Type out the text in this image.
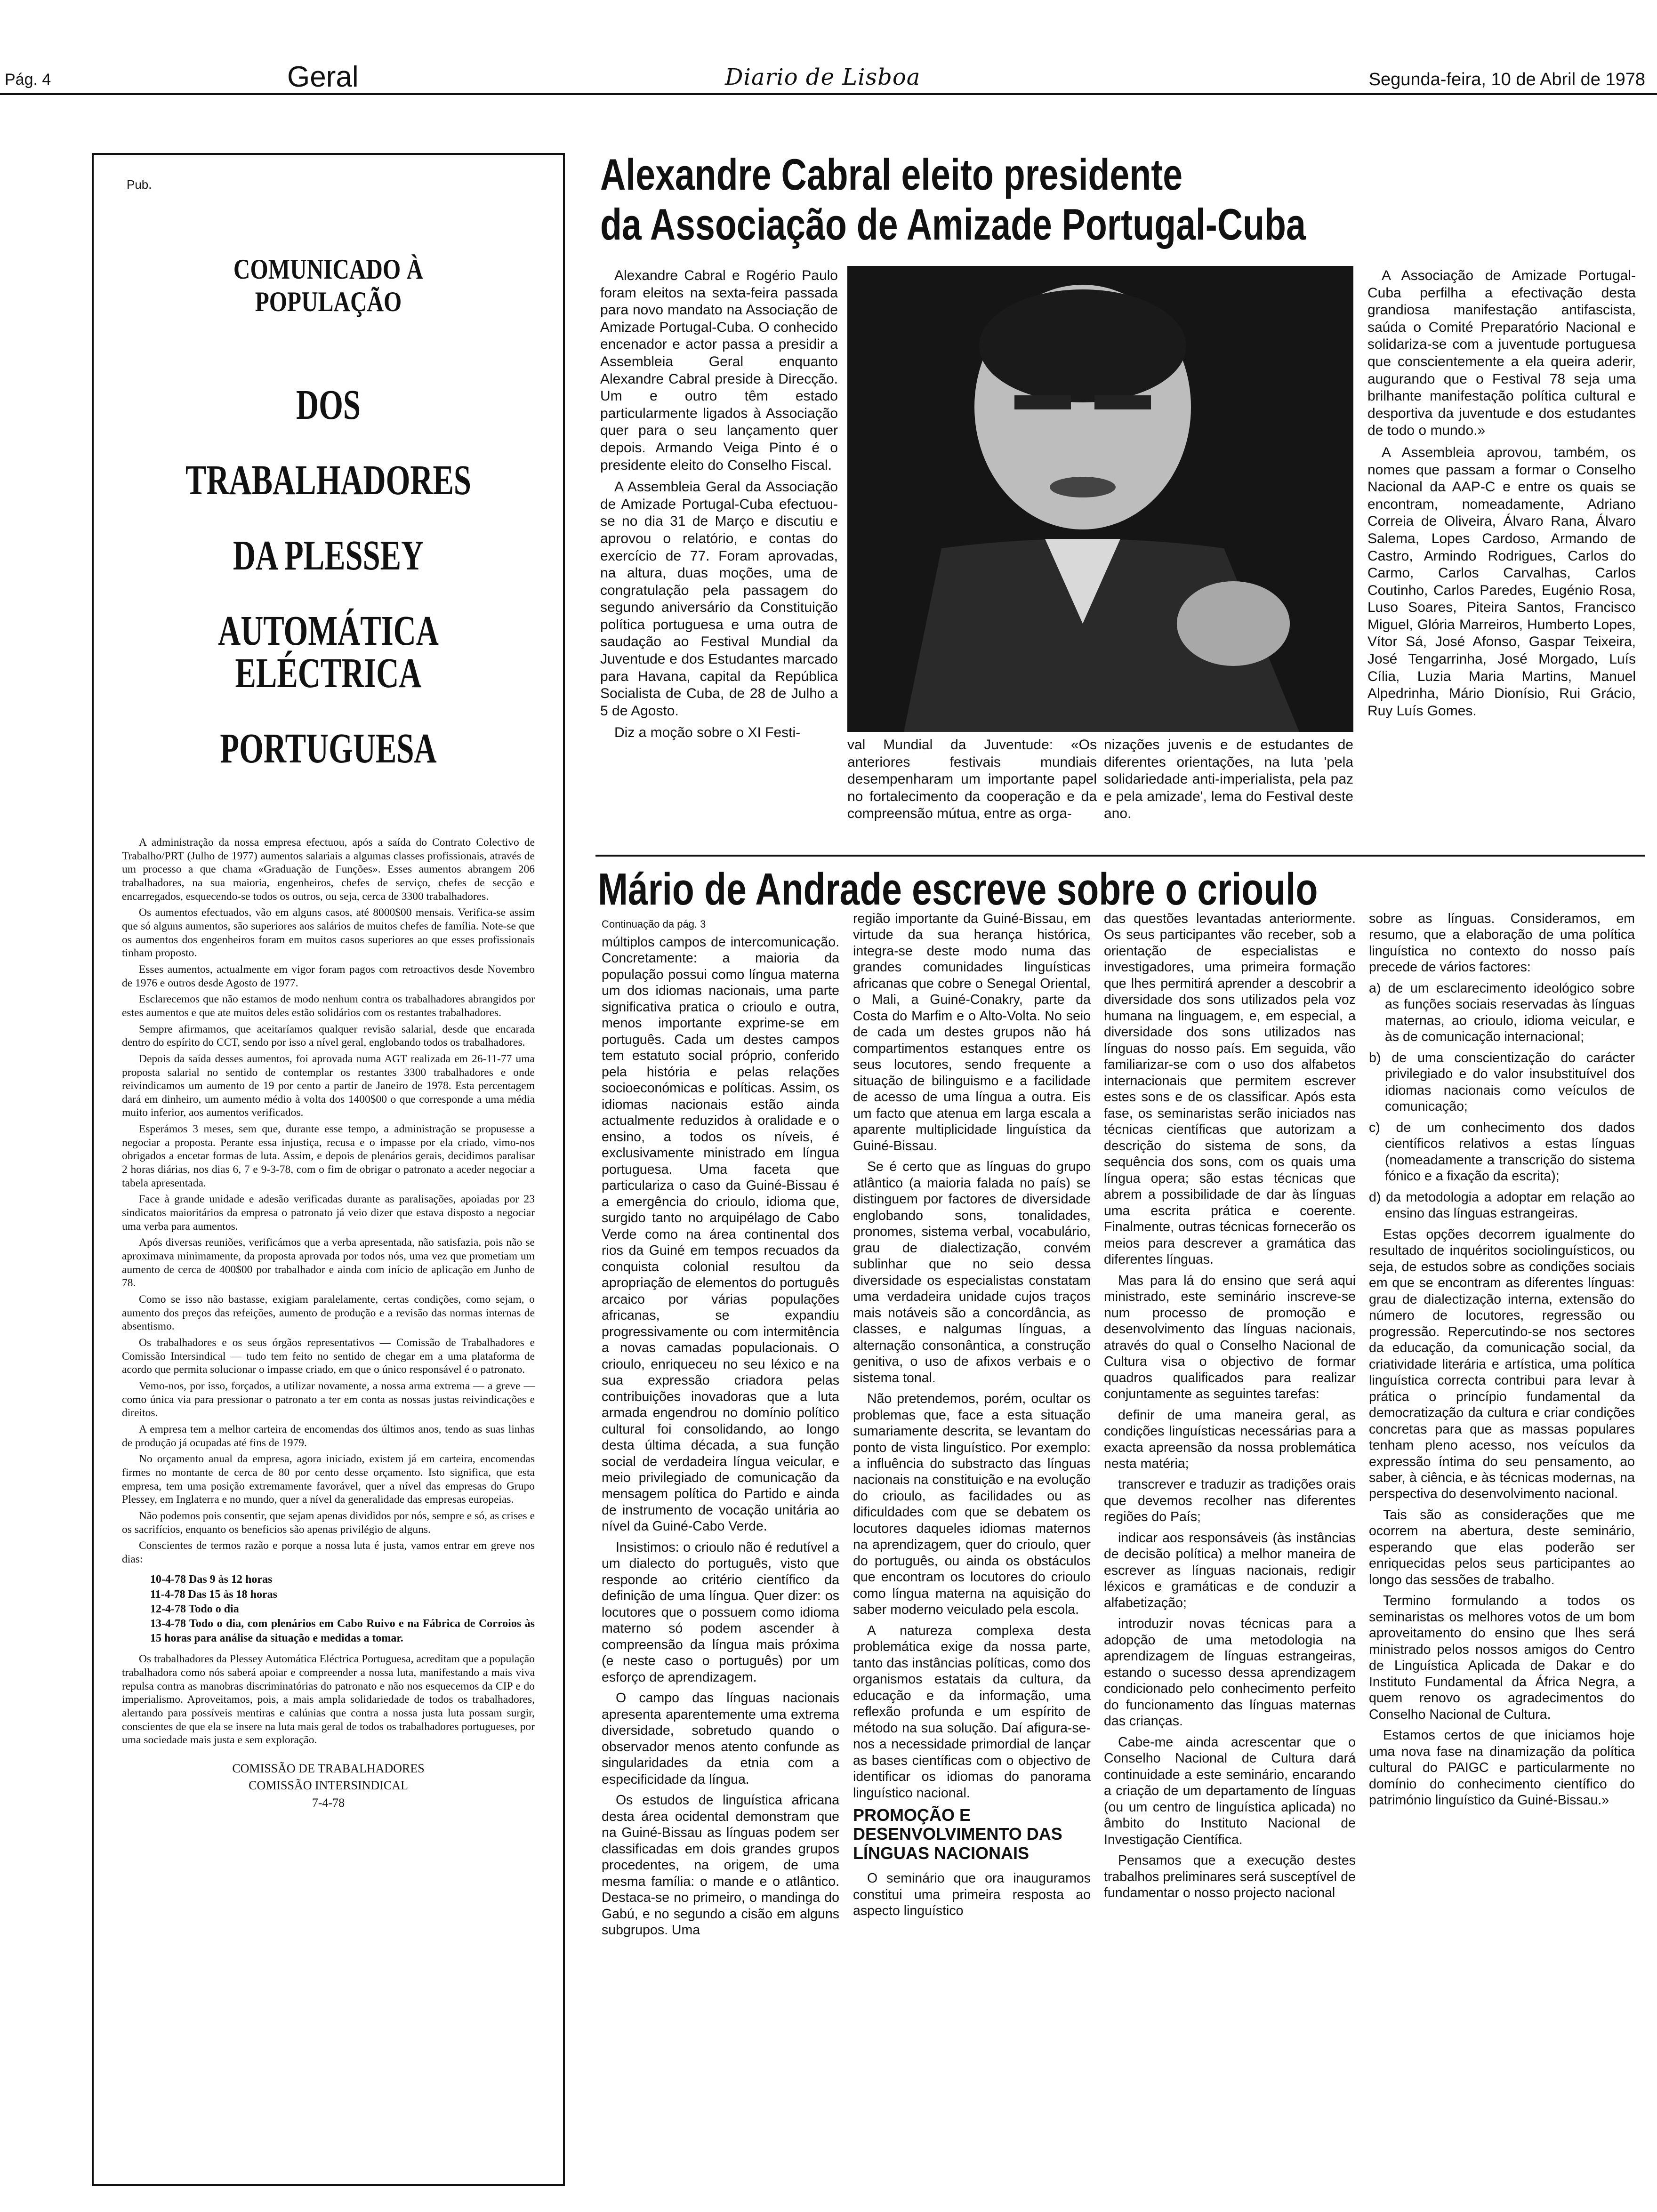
Pág. 4	Geral	Diario de Lisboa	Segunda-feira, 10 de Abril de 1978
Pub.
COMUNICADO À POPULAÇÃO
DOS
TRABALHADORES
DA PLESSEY
AUTOMÁTICA ELÉCTRICA
PORTUGUESA

A administração da nossa empresa efectuou, após a saída do Contrato Colectivo de Trabalho/PRT (Julho de 1977) aumentos salariais a algumas classes profissionais, através de um processo a que chama «Graduação de Funções». Esses aumentos abrangem 206 trabalhadores, na sua maioria, engenheiros, chefes de serviço, chefes de secção e encarregados, esquecendo-se todos os outros, ou seja, cerca de 3300 trabalhadores.

Os aumentos efectuados, vão em alguns casos, até 8000$00 mensais. Verifica-se assim que só alguns aumentos, são superiores aos salários de muitos chefes de família. Note-se que os aumentos dos engenheiros foram em muitos casos superiores ao que esses profissionais tinham proposto.

Esses aumentos, actualmente em vigor foram pagos com retroactivos desde Novembro de 1976 e outros desde Agosto de 1977.

Esclarecemos que não estamos de modo nenhum contra os trabalhadores abrangidos por estes aumentos e que ate muitos deles estão solidários com os restantes trabalhadores.

Sempre afirmamos, que aceitaríamos qualquer revisão salarial, desde que encarada dentro do espírito do CCT, sendo por isso a nível geral, englobando todos os trabalhadores.

Depois da saída desses aumentos, foi aprovada numa AGT realizada em 26-11-77 uma proposta salarial no sentido de contemplar os restantes 3300 trabalhadores e onde reivindicamos um aumento de 19 por cento a partir de Janeiro de 1978. Esta percentagem dará em dinheiro, um aumento médio à volta dos 1400$00 o que corresponde a uma média muito inferior, aos aumentos verificados.

Esperámos 3 meses, sem que, durante esse tempo, a administração se propusesse a negociar a proposta. Perante essa injustiça, recusa e o impasse por ela criado, vimo-nos obrigados a encetar formas de luta. Assim, e depois de plenários gerais, decidimos paralisar 2 horas diárias, nos dias 6, 7 e 9-3-78, com o fim de obrigar o patronato a aceder negociar a tabela apresentada.

Face à grande unidade e adesão verificadas durante as paralisações, apoiadas por 23 sindicatos maioritários da empresa o patronato já veio dizer que estava disposto a negociar uma verba para aumentos.

Após diversas reuniões, verificámos que a verba apresentada, não satisfazia, pois não se aproximava minimamente, da proposta aprovada por todos nós, uma vez que prometiam um aumento de cerca de 400$00 por trabalhador e ainda com início de aplicação em Junho de 78.

Como se isso não bastasse, exigiam paralelamente, certas condições, como sejam, o aumento dos preços das refeições, aumento de produção e a revisão das normas internas de absentismo.

Os trabalhadores e os seus órgãos representativos — Comissão de Trabalhadores e Comissão Intersindical — tudo tem feito no sentido de chegar em a uma plataforma de acordo que permita solucionar o impasse criado, em que o único responsável é o patronato.

Vemo-nos, por isso, forçados, a utilizar novamente, a nossa arma extrema — a greve — como única via para pressionar o patronato a ter em conta as nossas justas reivindicações e direitos.

A empresa tem a melhor carteira de encomendas dos últimos anos, tendo as suas linhas de produção já ocupadas até fins de 1979.

No orçamento anual da empresa, agora iniciado, existem já em carteira, encomendas firmes no montante de cerca de 80 por cento desse orçamento. Isto significa, que esta empresa, tem uma posição extremamente favorável, quer a nível das empresas do Grupo Plessey, em Inglaterra e no mundo, quer a nível da generalidade das empresas europeias.

Não podemos pois consentir, que sejam apenas divididos por nós, sempre e só, as crises e os sacrifícios, enquanto os beneficios são apenas privilégio de alguns.

Conscientes de termos razão e porque a nossa luta é justa, vamos entrar em greve nos dias:

10-4-78 Das 9 às 12 horas
11-4-78 Das 15 às 18 horas
12-4-78 Todo o dia
13-4-78 Todo o dia, com plenários em Cabo Ruivo e na Fábrica de Corroios às 15 horas para análise da situação e medidas a tomar.

Os trabalhadores da Plessey Automática Eléctrica Portuguesa, acreditam que a população trabalhadora como nós saberá apoiar e compreender a nossa luta, manifestando a mais viva repulsa contra as manobras discriminatórias do patronato e não nos esquecemos da CIP e do imperialismo. Aproveitamos, pois, a mais ampla solidariedade de todos os trabalhadores, alertando para possíveis mentiras e calúnias que contra a nossa justa luta possam surgir, conscientes de que ela se insere na luta mais geral de todos os trabalhadores portugueses, por uma sociedade mais justa e sem exploração.

COMISSÃO DE TRABALHADORES
COMISSÃO INTERSINDICAL
7-4-78
Alexandre Cabral eleito presidente
da Associação de Amizade Portugal-Cuba

Alexandre Cabral e Rogério Paulo foram eleitos na sexta-feira passada para novo mandato na Associação de Amizade Portugal-Cuba. O conhecido encenador e actor passa a presidir a Assembleia Geral enquanto Alexandre Cabral preside à Direcção. Um e outro têm estado particularmente ligados à Associação quer para o seu lançamento quer depois. Armando Veiga Pinto é o presidente eleito do Conselho Fiscal.

A Assembleia Geral da Associação de Amizade Portugal-Cuba efectuou-se no dia 31 de Março e discutiu e aprovou o relatório, e contas do exercício de 77. Foram aprovadas, na altura, duas moções, uma de congratulação pela passagem do segundo aniversário da Constituição política portuguesa e uma outra de saudação ao Festival Mundial da Juventude e dos Estudantes marcado para Havana, capital da República Socialista de Cuba, de 28 de Julho a 5 de Agosto.

Diz a moção sobre o XI Festi-

val Mundial da Juventude: «Os anteriores festivais mundiais desempenharam um importante papel no fortalecimento da cooperação e da compreensão mútua, entre as orga-

nizações juvenis e de estudantes de diferentes orientações, na luta 'pela solidariedade anti-imperialista, pela paz e pela amizade', lema do Festival deste ano.

A Associação de Amizade Portugal-Cuba perfilha a efectivação desta grandiosa manifestação antifascista, saúda o Comité Preparatório Nacional e solidariza-se com a juventude portuguesa que conscientemente a ela queira aderir, augurando que o Festival 78 seja uma brilhante manifestação política cultural e desportiva da juventude e dos estudantes de todo o mundo.»

A Assembleia aprovou, também, os nomes que passam a formar o Conselho Nacional da AAP-C e entre os quais se encontram, nomeadamente, Adriano Correia de Oliveira, Álvaro Rana, Álvaro Salema, Lopes Cardoso, Armando de Castro, Armindo Rodrigues, Carlos do Carmo, Carlos Carvalhas, Carlos Coutinho, Carlos Paredes, Eugénio Rosa, Luso Soares, Piteira Santos, Francisco Miguel, Glória Marreiros, Humberto Lopes, Vítor Sá, José Afonso, Gaspar Teixeira, José Tengarrinha, José Morgado, Luís Cília, Luzia Maria Martins, Manuel Alpedrinha, Mário Dionísio, Rui Grácio, Ruy Luís Gomes.

Mário de Andrade escreve sobre o crioulo
Continuação da pág. 3

múltiplos campos de intercomunicação. Concretamente: a maioria da população possui como língua materna um dos idiomas nacionais, uma parte significativa pratica o crioulo e outra, menos importante exprime-se em português. Cada um destes campos tem estatuto social próprio, conferido pela história e pelas relações socioeconómicas e políticas. Assim, os idiomas nacionais estão ainda actualmente reduzidos à oralidade e o ensino, a todos os níveis, é exclusivamente ministrado em língua portuguesa. Uma faceta que particulariza o caso da Guiné-Bissau é a emergência do crioulo, idioma que, surgido tanto no arquipélago de Cabo Verde como na área continental dos rios da Guiné em tempos recuados da conquista colonial resultou da apropriação de elementos do português arcaico por várias populações africanas, se expandiu progressivamente ou com intermitência a novas camadas populacionais. O crioulo, enriqueceu no seu léxico e na sua expressão criadora pelas contribuições inovadoras que a luta armada engendrou no domínio político cultural foi consolidando, ao longo desta última década, a sua função social de verdadeira língua veicular, e meio privilegiado de comunicação da mensagem política do Partido e ainda de instrumento de vocação unitária ao nível da Guiné-Cabo Verde.

Insistimos: o crioulo não é redutível a um dialecto do português, visto que responde ao critério científico da definição de uma língua. Quer dizer: os locutores que o possuem como idioma materno só podem ascender à compreensão da língua mais próxima (e neste caso o português) por um esforço de aprendizagem.

O campo das línguas nacionais apresenta aparentemente uma extrema diversidade, sobretudo quando o observador menos atento confunde as singularidades da etnia com a especificidade da língua.

Os estudos de linguística africana desta área ocidental demonstram que na Guiné-Bissau as línguas podem ser classificadas em dois grandes grupos procedentes, na origem, de uma mesma família: o mande e o atlântico. Destaca-se no primeiro, o mandinga do Gabú, e no segundo a cisão em alguns subgrupos. Uma

região importante da Guiné-Bissau, em virtude da sua herança histórica, integra-se deste modo numa das grandes comunidades linguísticas africanas que cobre o Senegal Oriental, o Mali, a Guiné-Conakry, parte da Costa do Marfim e o Alto-Volta. No seio de cada um destes grupos não há compartimentos estanques entre os seus locutores, sendo frequente a situação de bilinguismo e a facilidade de acesso de uma língua a outra. Eis um facto que atenua em larga escala a aparente multiplicidade linguística da Guiné-Bissau.

Se é certo que as línguas do grupo atlântico (a maioria falada no país) se distinguem por factores de diversidade englobando sons, tonalidades, pronomes, sistema verbal, vocabulário, grau de dialectização, convém sublinhar que no seio dessa diversidade os especialistas constatam uma verdadeira unidade cujos traços mais notáveis são a concordância, as classes, e nalgumas línguas, a alternação consonântica, a construção genitiva, o uso de afixos verbais e o sistema tonal.

Não pretendemos, porém, ocultar os problemas que, face a esta situação sumariamente descrita, se levantam do ponto de vista linguístico. Por exemplo: a influência do substracto das línguas nacionais na constituição e na evolução do crioulo, as facilidades ou as dificuldades com que se debatem os locutores daqueles idiomas maternos na aprendizagem, quer do crioulo, quer do português, ou ainda os obstáculos que encontram os locutores do crioulo como língua materna na aquisição do saber moderno veiculado pela escola.

A natureza complexa desta problemática exige da nossa parte, tanto das instâncias políticas, como dos organismos estatais da cultura, da educação e da informação, uma reflexão profunda e um espírito de método na sua solução. Daí afigura-se-nos a necessidade primordial de lançar as bases científicas com o objectivo de identificar os idiomas do panorama linguístico nacional.

PROMOÇÃO E DESENVOLVIMENTO DAS LÍNGUAS NACIONAIS

O seminário que ora inauguramos constitui uma primeira resposta ao aspecto linguístico

das questões levantadas anteriormente. Os seus participantes vão receber, sob a orientação de especialistas e investigadores, uma primeira formação que lhes permitirá aprender a descobrir a diversidade dos sons utilizados pela voz humana na linguagem, e, em especial, a diversidade dos sons utilizados nas línguas do nosso país. Em seguida, vão familiarizar-se com o uso dos alfabetos internacionais que permitem escrever estes sons e de os classificar. Após esta fase, os seminaristas serão iniciados nas técnicas científicas que autorizam a descrição do sistema de sons, da sequência dos sons, com os quais uma língua opera; são estas técnicas que abrem a possibilidade de dar às línguas uma escrita prática e coerente. Finalmente, outras técnicas fornecerão os meios para descrever a gramática das diferentes línguas.

Mas para lá do ensino que será aqui ministrado, este seminário inscreve-se num processo de promoção e desenvolvimento das línguas nacionais, através do qual o Conselho Nacional de Cultura visa o objectivo de formar quadros qualificados para realizar conjuntamente as seguintes tarefas:

definir de uma maneira geral, as condições linguísticas necessárias para a exacta apreensão da nossa problemática nesta matéria;

transcrever e traduzir as tradições orais que devemos recolher nas diferentes regiões do País;

indicar aos responsáveis (às instâncias de decisão política) a melhor maneira de escrever as línguas nacionais, redigir léxicos e gramáticas e de conduzir a alfabetização;

introduzir novas técnicas para a adopção de uma metodologia na aprendizagem de línguas estrangeiras, estando o sucesso dessa aprendizagem condicionado pelo conhecimento perfeito do funcionamento das línguas maternas das crianças.

Cabe-me ainda acrescentar que o Conselho Nacional de Cultura dará continuidade a este seminário, encarando a criação de um departamento de línguas (ou um centro de linguística aplicada) no âmbito do Instituto Nacional de Investigação Científica.

Pensamos que a execução destes trabalhos preliminares será susceptível de fundamentar o nosso projecto nacional

sobre as línguas. Consideramos, em resumo, que a elaboração de uma política linguística no contexto do nosso país precede de vários factores:

a) de um esclarecimento ideológico sobre as funções sociais reservadas às línguas maternas, ao crioulo, idioma veicular, e às de comunicação internacional;

b) de uma conscientização do carácter privilegiado e do valor insubstituível dos idiomas nacionais como veículos de comunicação;

c) de um conhecimento dos dados científicos relativos a estas línguas (nomeadamente a transcrição do sistema fónico e a fixação da escrita);

d) da metodologia a adoptar em relação ao ensino das línguas estrangeiras.

Estas opções decorrem igualmente do resultado de inquéritos sociolinguísticos, ou seja, de estudos sobre as condições sociais em que se encontram as diferentes línguas: grau de dialectização interna, extensão do número de locutores, regressão ou progressão. Repercutindo-se nos sectores da educação, da comunicação social, da criatividade literária e artística, uma política linguística correcta contribui para levar à prática o princípio fundamental da democratização da cultura e criar condições concretas para que as massas populares tenham pleno acesso, nos veículos da expressão íntima do seu pensamento, ao saber, à ciência, e às técnicas modernas, na perspectiva do desenvolvimento nacional.

Tais são as considerações que me ocorrem na abertura, deste seminário, esperando que elas poderão ser enriquecidas pelos seus participantes ao longo das sessões de trabalho.

Termino formulando a todos os seminaristas os melhores votos de um bom aproveitamento do ensino que lhes será ministrado pelos nossos amigos do Centro de Linguística Aplicada de Dakar e do Instituto Fundamental da África Negra, a quem renovo os agradecimentos do Conselho Nacional de Cultura.

Estamos certos de que iniciamos hoje uma nova fase na dinamização da política cultural do PAIGC e particularmente no domínio do conhecimento científico do património linguístico da Guiné-Bissau.»
